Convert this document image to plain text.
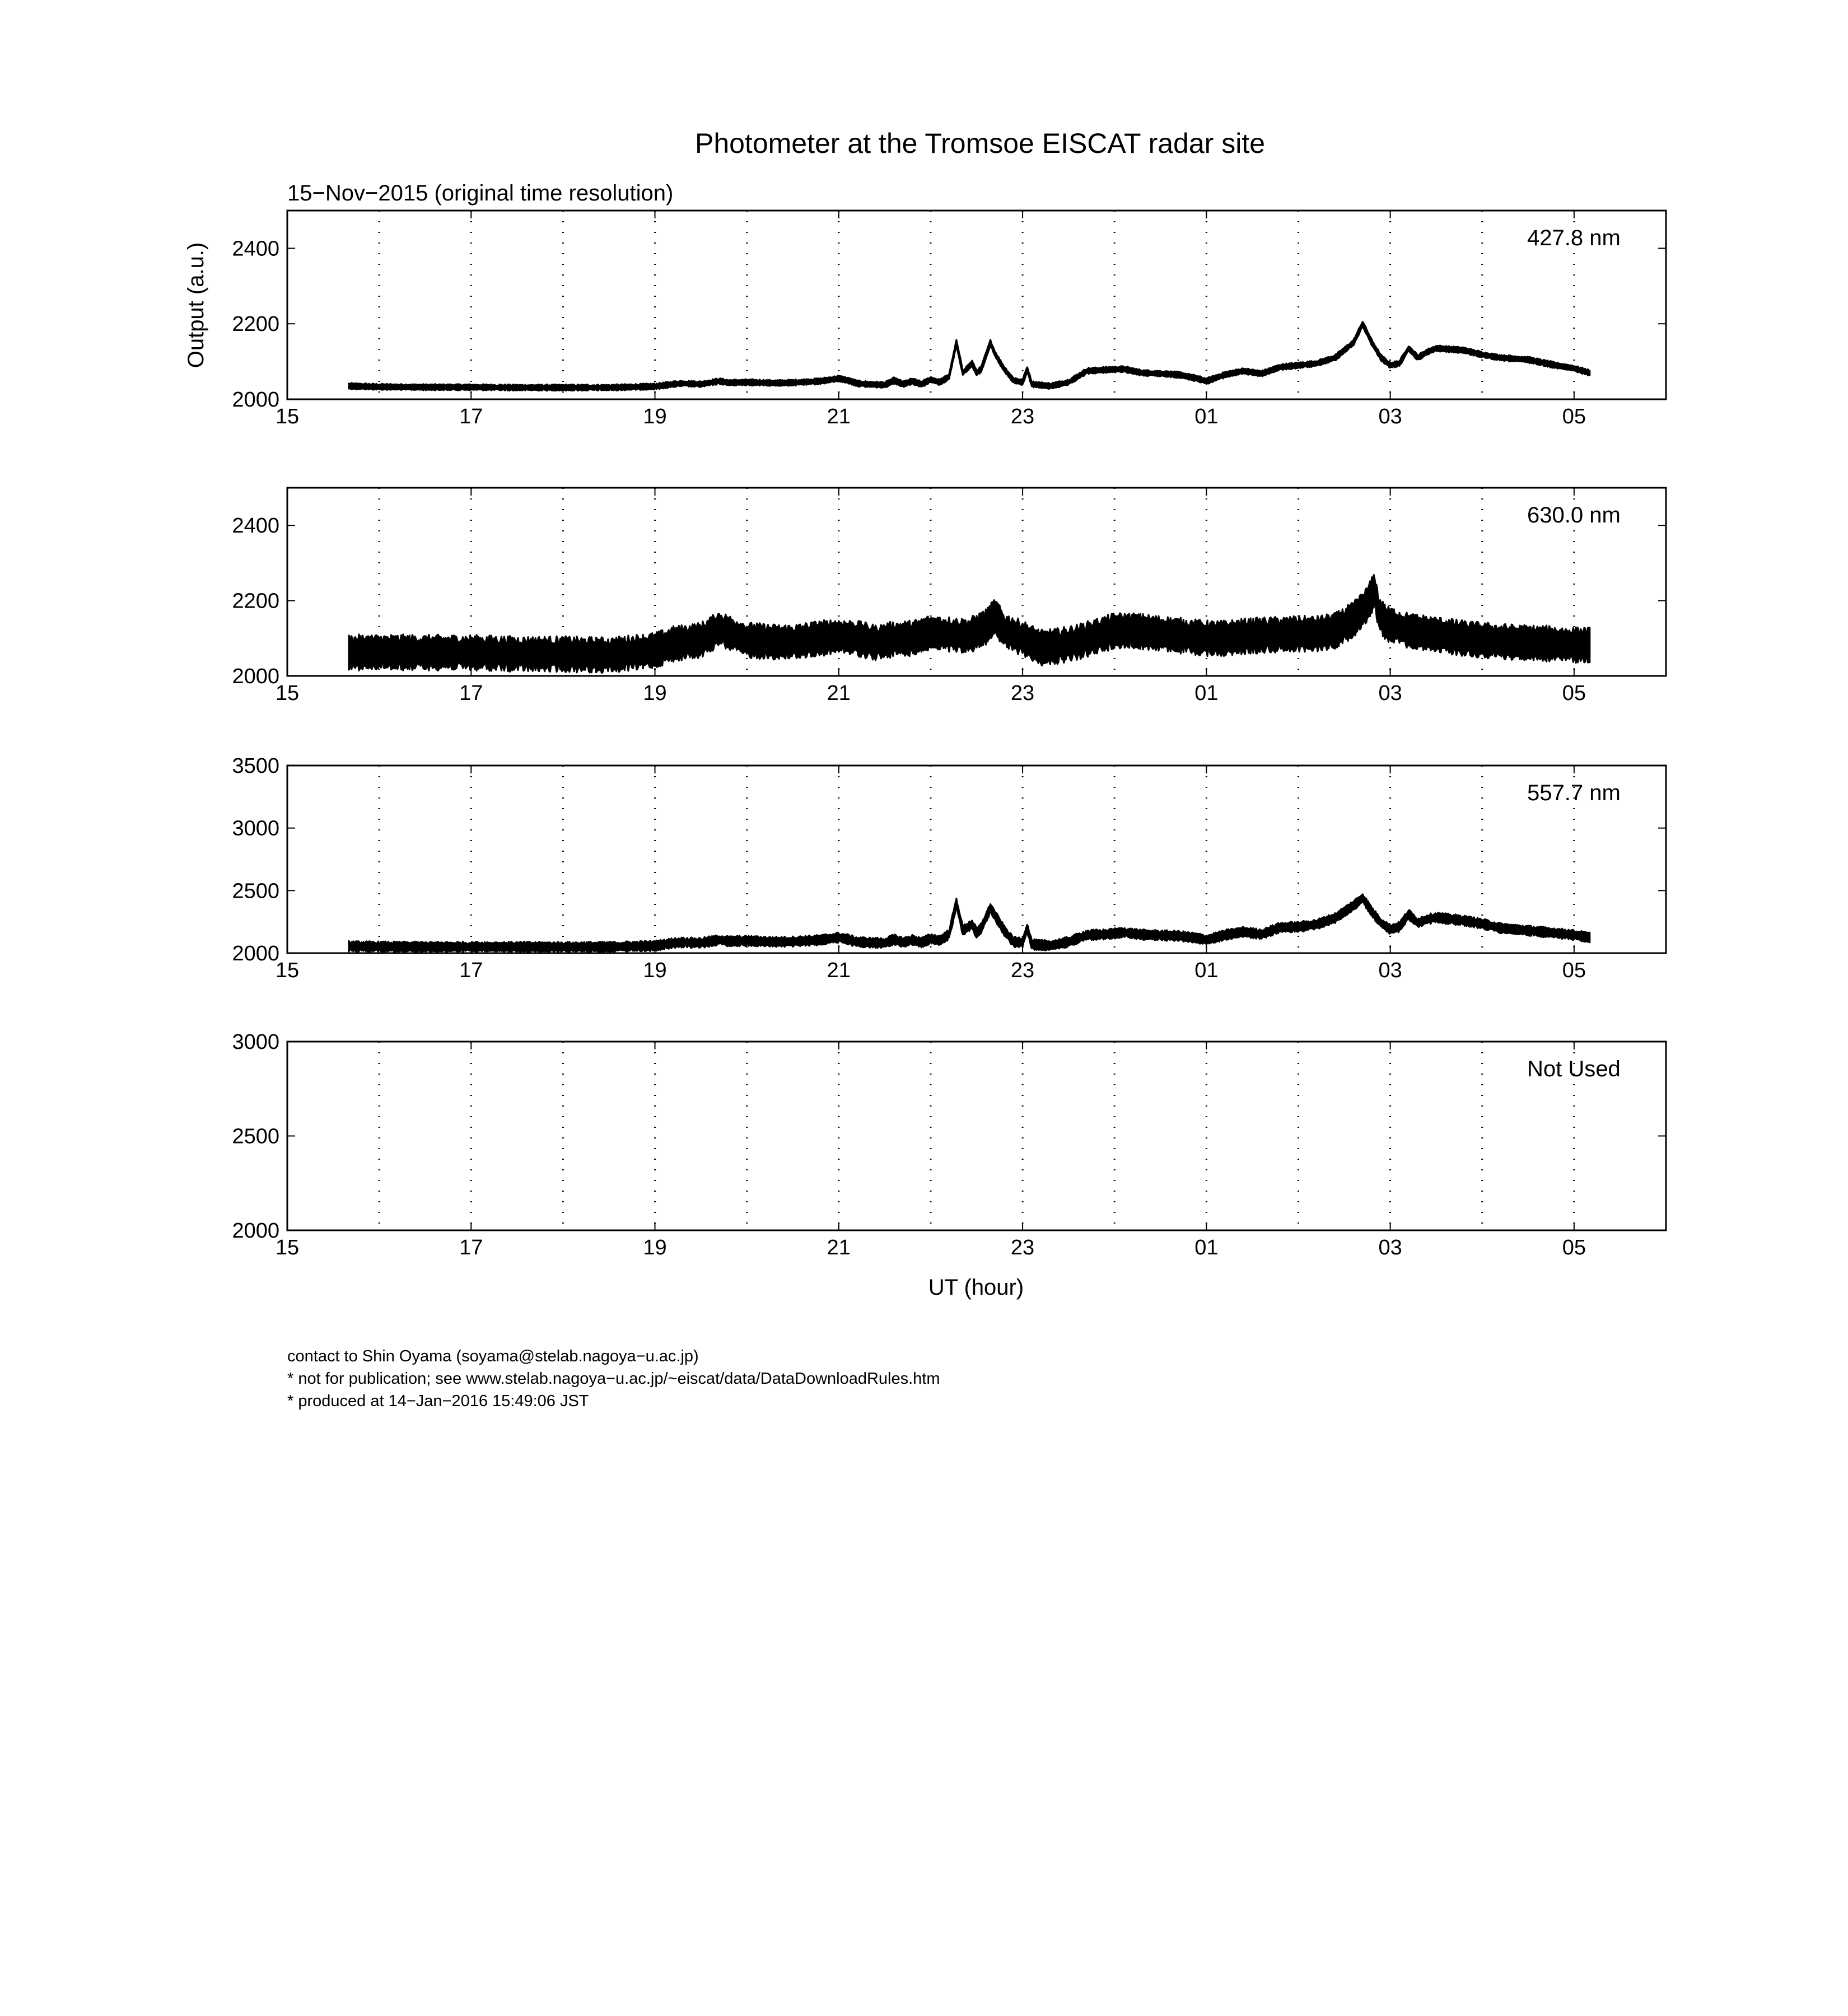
Photometer at the Tromsoe EISCAT radar site
15−Nov−2015 (original time resolution)
Output (a.u.)
UT (hour)
15	17	19	21	23	01	03	05
2000
2200
2400	427.8 nm
15	17	19	21	23	01	03	05
2000
2200
2400	630.0 nm
15	17	19	21	23	01	03	05
2000
2500
3000
3500
557.7 nm
15	17	19	21	23	01	03	05
2000
2500
3000
Not Used
contact to Shin Oyama (soyama@stelab.nagoya−u.ac.jp)
* not for publication; see www.stelab.nagoya−u.ac.jp/~eiscat/data/DataDownloadRules.htm
* produced at 14−Jan−2016 15:49:06 JST
